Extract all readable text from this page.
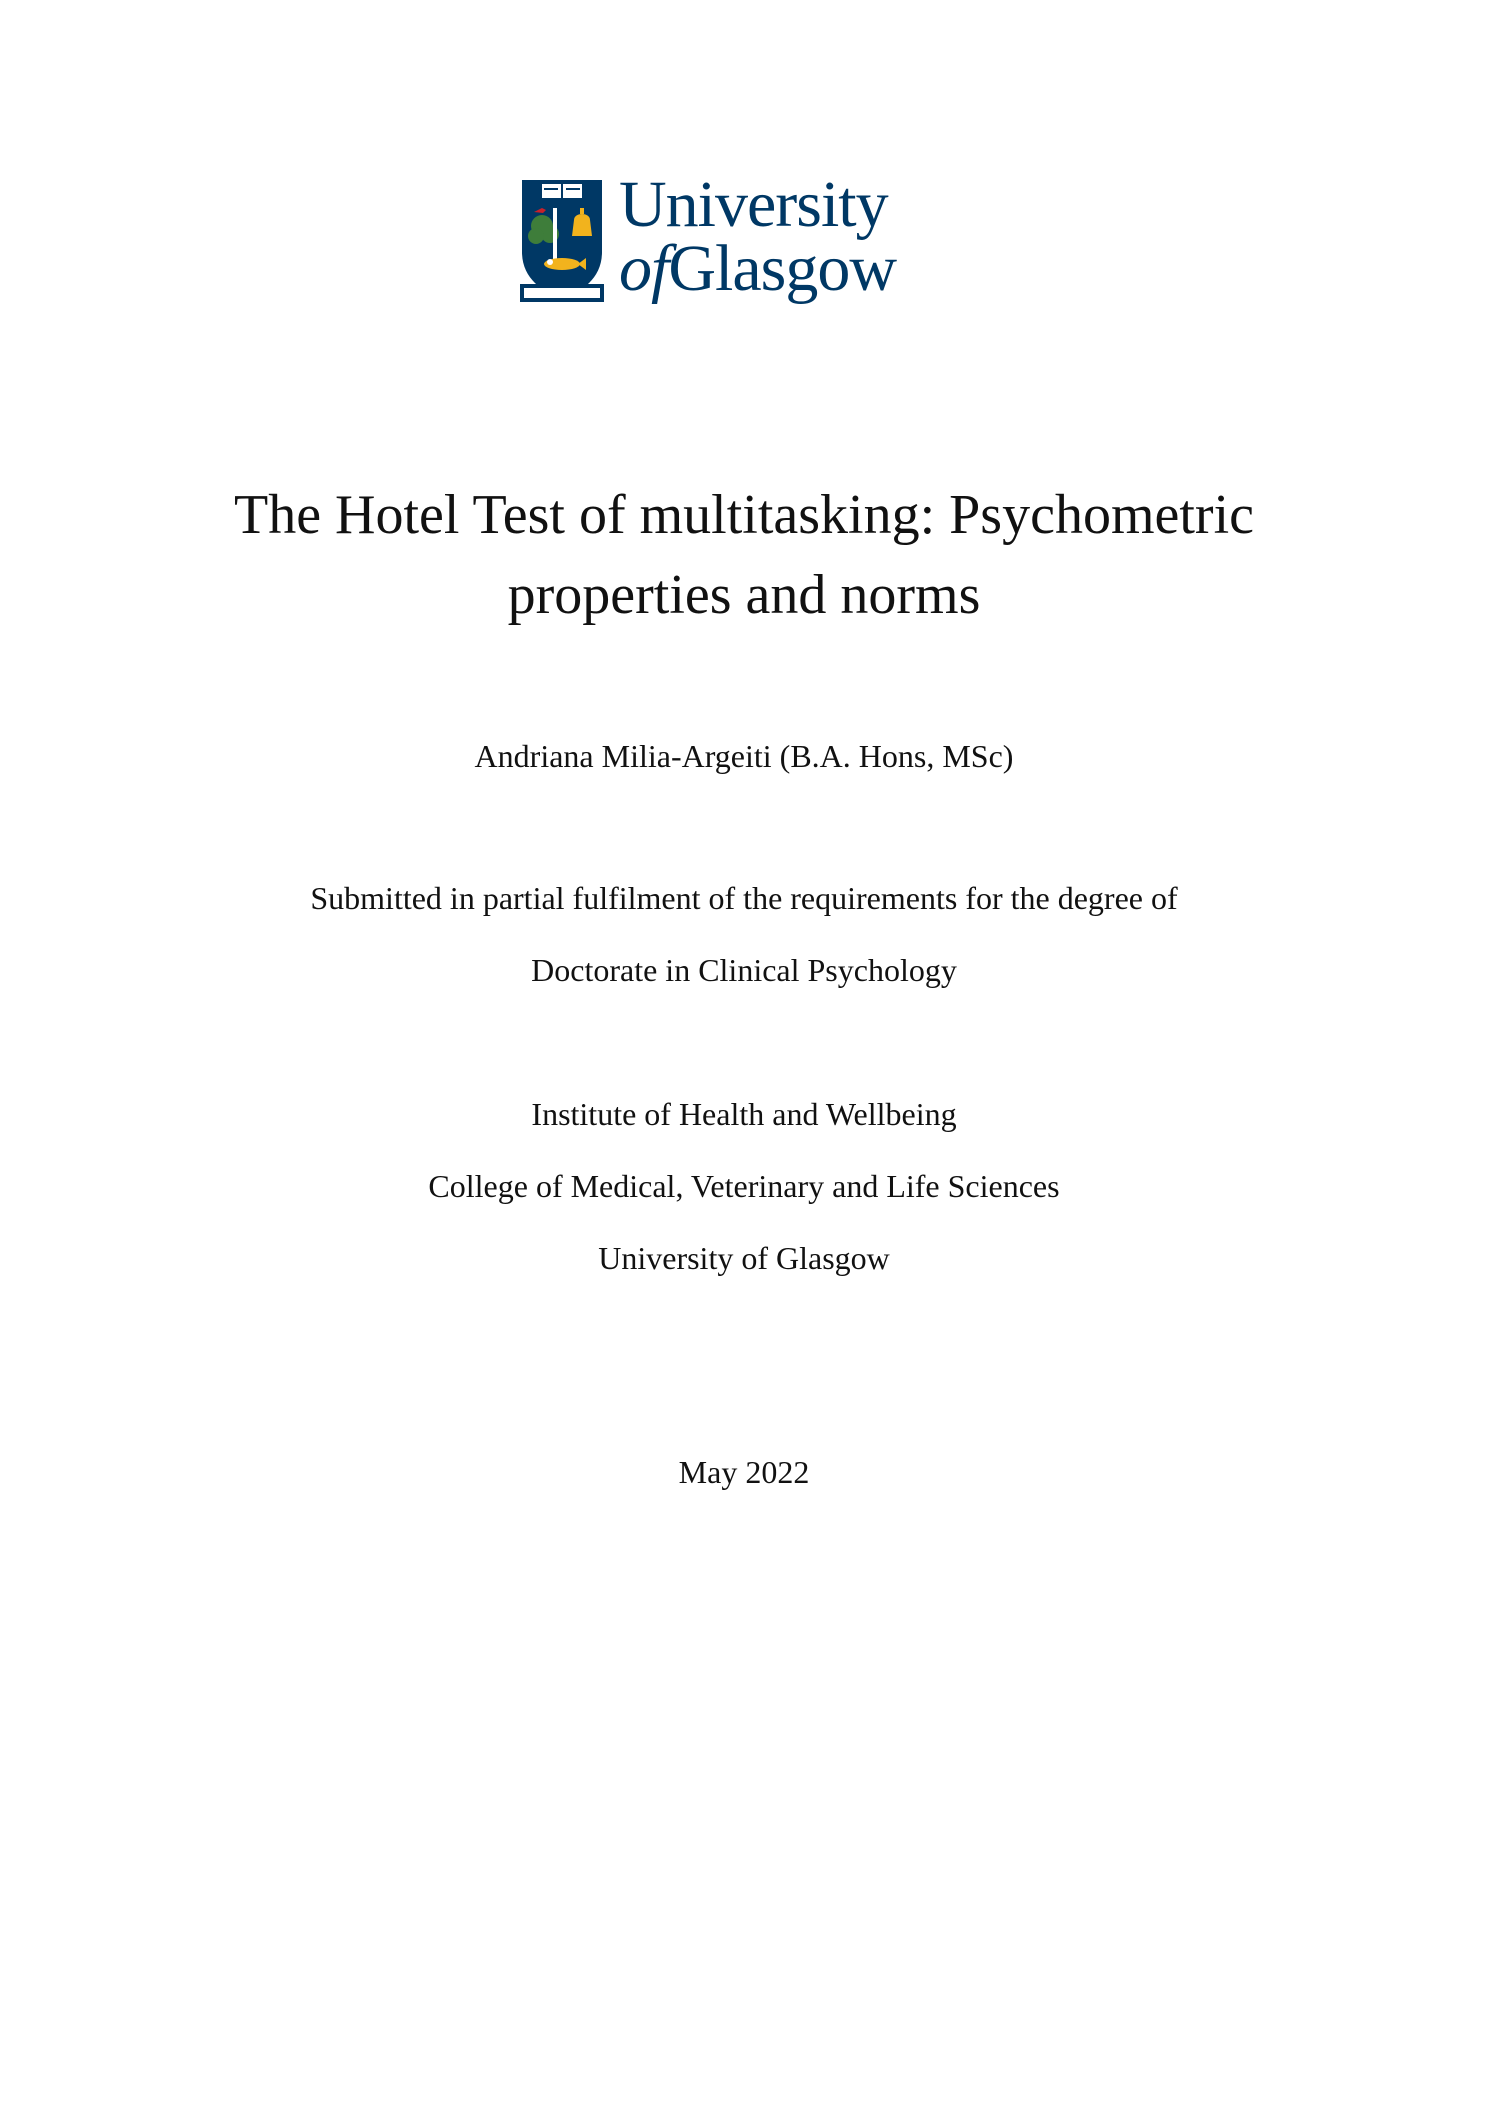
University
ofGlasgow
The Hotel Test of multitasking: Psychometric
properties and norms
Andriana Milia-Argeiti (B.A. Hons, MSc)
Submitted in partial fulfilment of the requirements for the degree of
Doctorate in Clinical Psychology
Institute of Health and Wellbeing
College of Medical, Veterinary and Life Sciences
University of Glasgow
May 2022
